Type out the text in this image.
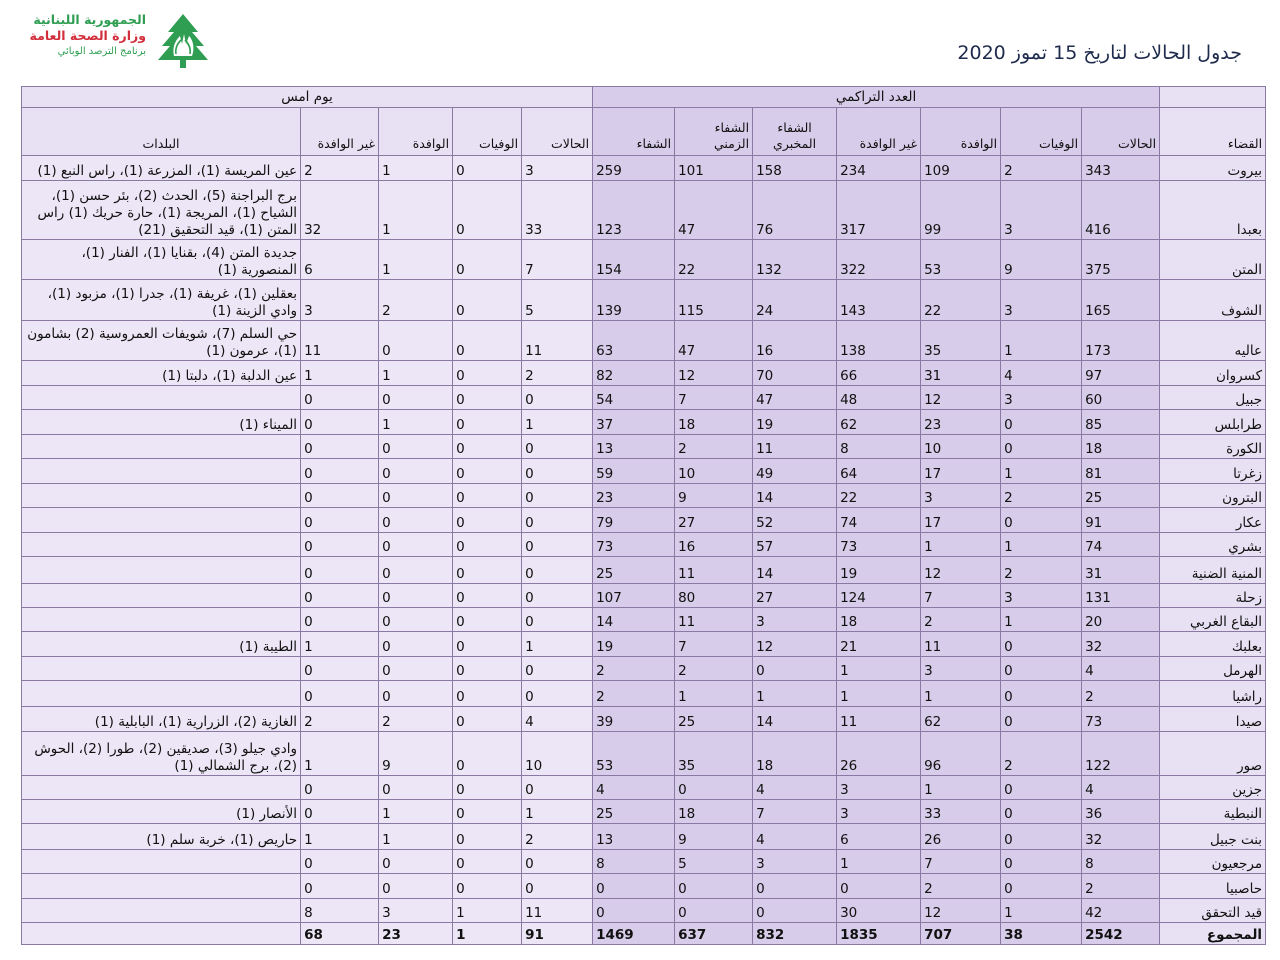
الجمهورية اللبنانية
وزارة الصحة العامة
برنامج الترصد الوبائي	جدول الحالات لتاريخ 15 تموز 2020
	العدد التراكمي							يوم امس				
القضاء	الحالات	الوفيات	الوافدة	غير الوافدة	الشفاء المخبري	الشفاء الزمني	الشفاء	الحالات	الوفيات	الوافدة	غير الوافدة	البلدات
بيروت	343	2	109	234	158	101	259	3	0	1	2	عين المريسة (1)، المزرعة (1)، راس النبع (1)
بعبدا	416	3	99	317	76	47	123	33	0	1	32	برج البراجنة (5)، الحدث (2)، بئر حسن (1)، الشياح (1)، المريجة (1)، حارة حريك (1) راس المتن (1)، قيد التحقيق (21)
المتن	375	9	53	322	132	22	154	7	0	1	6	جديدة المتن (4)، بقنايا (1)، الفنار (1)، المنصورية (1)
الشوف	165	3	22	143	24	115	139	5	0	2	3	بعقلين (1)، غريفة (1)، جدرا (1)، مزبود (1)، وادي الزينة (1)
عاليه	173	1	35	138	16	47	63	11	0	0	11	حي السلم (7)، شويفات العمروسية (2) بشامون (1)، عرمون (1)
كسروان	97	4	31	66	70	12	82	2	0	1	1	عين الدلبة (1)، دلبتا (1)
جبيل	60	3	12	48	47	7	54	0	0	0	0	
طرابلس	85	0	23	62	19	18	37	1	0	1	0	الميناء (1)
الكورة	18	0	10	8	11	2	13	0	0	0	0	
زغرتا	81	1	17	64	49	10	59	0	0	0	0	
البترون	25	2	3	22	14	9	23	0	0	0	0	
عكار	91	0	17	74	52	27	79	0	0	0	0	
بشري	74	1	1	73	57	16	73	0	0	0	0	
المنية الضنية	31	2	12	19	14	11	25	0	0	0	0	
زحلة	131	3	7	124	27	80	107	0	0	0	0	
البقاع الغربي	20	1	2	18	3	11	14	0	0	0	0	
بعلبك	32	0	11	21	12	7	19	1	0	0	1	الطيبة (1)
الهرمل	4	0	3	1	0	2	2	0	0	0	0	
راشيا	2	0	1	1	1	1	2	0	0	0	0	
صيدا	73	0	62	11	14	25	39	4	0	2	2	الغازية (2)، الزرارية (1)، البابلية (1)
صور	122	2	96	26	18	35	53	10	0	9	1	وادي جيلو (3)، صديقين (2)، طورا (2)، الحوش (2)، برج الشمالي (1)
جزين	4	0	1	3	4	0	4	0	0	0	0	
النبطية	36	0	33	3	7	18	25	1	0	1	0	الأنصار (1)
بنت جبيل	32	0	26	6	4	9	13	2	0	1	1	حاريص (1)، خربة سلم (1)
مرجعيون	8	0	7	1	3	5	8	0	0	0	0	
حاصبيا	2	0	2	0	0	0	0	0	0	0	0	
قيد التحقق	42	1	12	30	0	0	0	11	1	3	8	
المجموع	2542	38	707	1835	832	637	1469	91	1	23	68	
